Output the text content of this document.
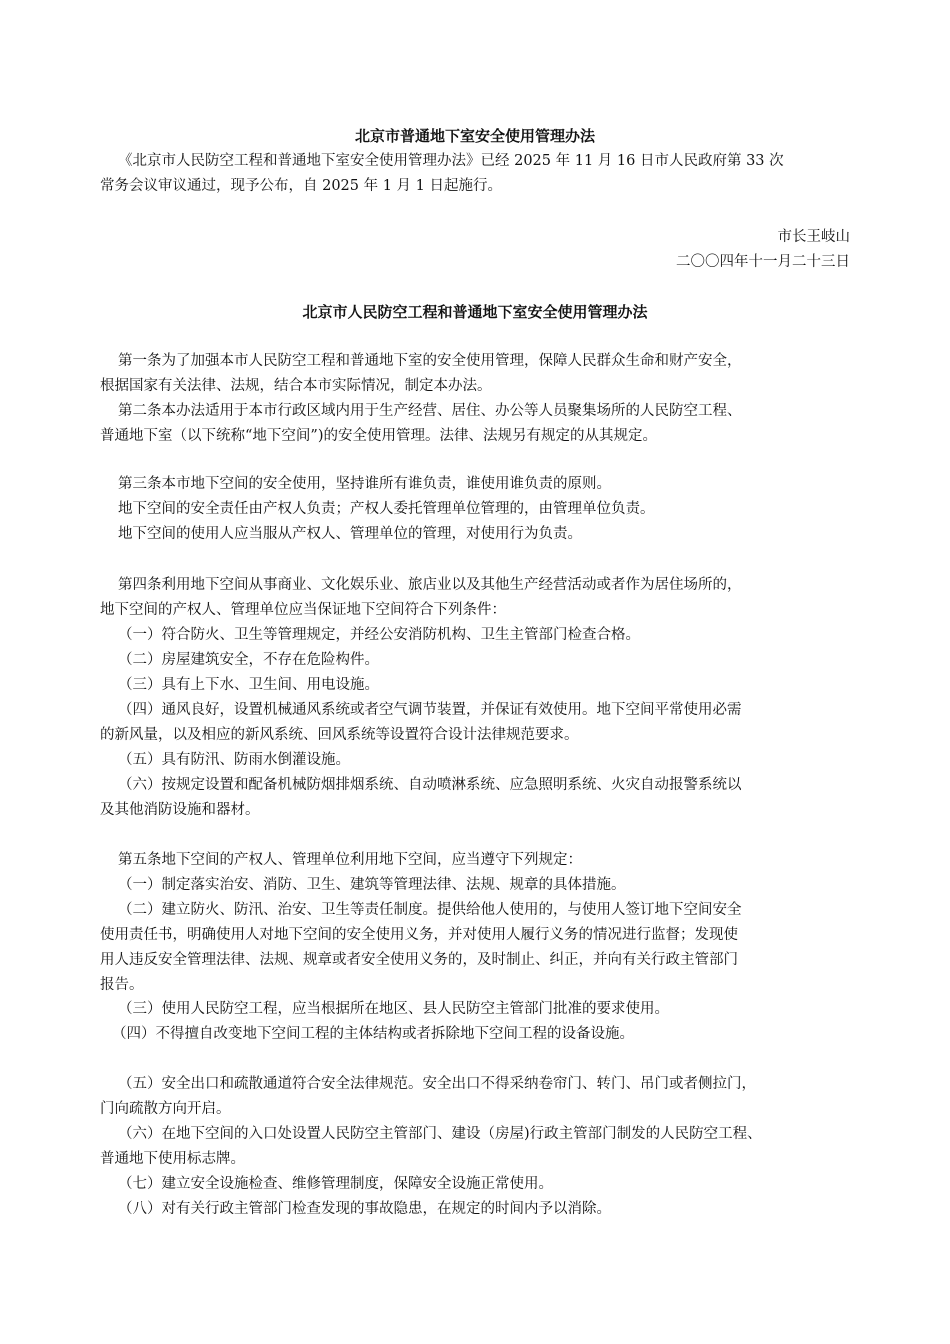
北京市普通地下室安全使用管理办法
《北京市人民防空工程和普通地下室安全使用管理办法》已经 2025 年 11 月 16 日市人民政府第 33 次
常务会议审议通过，现予公布，自 2025 年 1 月 1 日起施行。
市长王岐山
二〇〇四年十一月二十三日
北京市人民防空工程和普通地下室安全使用管理办法
第一条为了加强本市人民防空工程和普通地下室的安全使用管理，保障人民群众生命和财产安全，
根据国家有关法律、法规，结合本市实际情况，制定本办法。
第二条本办法适用于本市行政区域内用于生产经营、居住、办公等人员聚集场所的人民防空工程、
普通地下室（以下统称“地下空间”)的安全使用管理。法律、法规另有规定的从其规定。
第三条本市地下空间的安全使用，坚持谁所有谁负责，谁使用谁负责的原则。
地下空间的安全责任由产权人负责；产权人委托管理单位管理的，由管理单位负责。
地下空间的使用人应当服从产权人、管理单位的管理，对使用行为负责。
第四条利用地下空间从事商业、文化娱乐业、旅店业以及其他生产经营活动或者作为居住场所的，
地下空间的产权人、管理单位应当保证地下空间符合下列条件：
（一）符合防火、卫生等管理规定，并经公安消防机构、卫生主管部门检查合格。
（二）房屋建筑安全，不存在危险构件。
（三）具有上下水、卫生间、用电设施。
（四）通风良好，设置机械通风系统或者空气调节装置，并保证有效使用。地下空间平常使用必需
的新风量，以及相应的新风系统、回风系统等设置符合设计法律规范要求。
（五）具有防汛、防雨水倒灌设施。
（六）按规定设置和配备机械防烟排烟系统、自动喷淋系统、应急照明系统、火灾自动报警系统以
及其他消防设施和器材。
第五条地下空间的产权人、管理单位利用地下空间，应当遵守下列规定：
（一）制定落实治安、消防、卫生、建筑等管理法律、法规、规章的具体措施。
（二）建立防火、防汛、治安、卫生等责任制度。提供给他人使用的，与使用人签订地下空间安全
使用责任书，明确使用人对地下空间的安全使用义务，并对使用人履行义务的情况进行监督；发现使
用人违反安全管理法律、法规、规章或者安全使用义务的，及时制止、纠正，并向有关行政主管部门
报告。
（三）使用人民防空工程，应当根据所在地区、县人民防空主管部门批准的要求使用。
（四）不得擅自改变地下空间工程的主体结构或者拆除地下空间工程的设备设施。
（五）安全出口和疏散通道符合安全法律规范。安全出口不得采纳卷帘门、转门、吊门或者侧拉门，
门向疏散方向开启。
（六）在地下空间的入口处设置人民防空主管部门、建设（房屋)行政主管部门制发的人民防空工程、
普通地下使用标志牌。
（七）建立安全设施检查、维修管理制度，保障安全设施正常使用。
（八）对有关行政主管部门检查发现的事故隐患，在规定的时间内予以消除。
